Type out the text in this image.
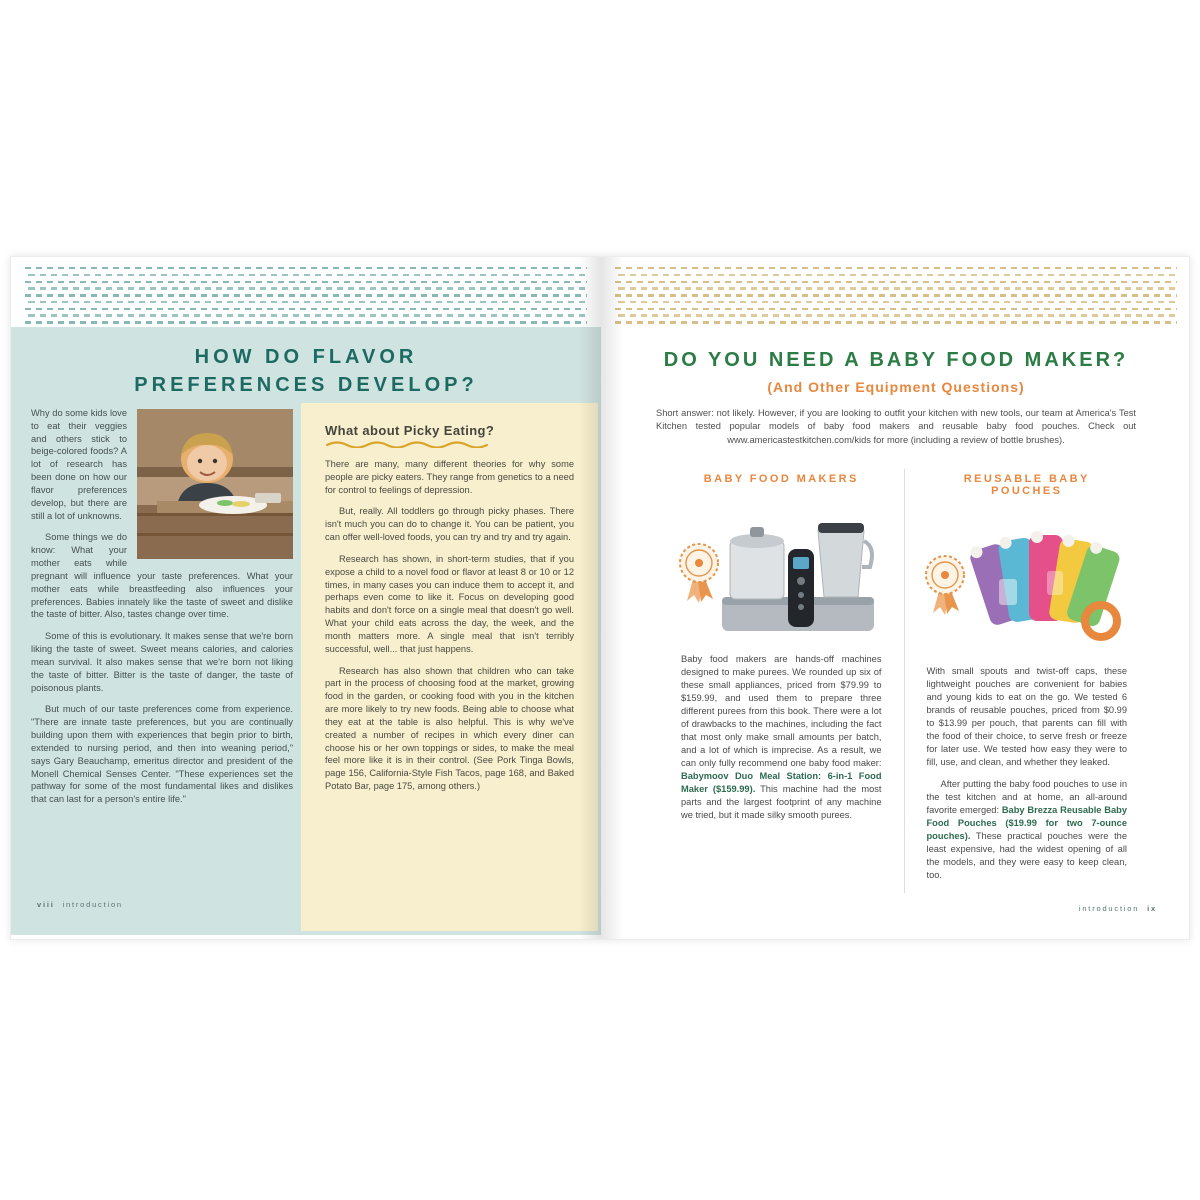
HOW DO FLAVOR
PREFERENCES DEVELOP?

Why do some kids love to eat their veggies and others stick to beige-colored foods? A lot of research has been done on how our flavor preferences develop, but there are still a lot of unknowns.

Some things we do know: What your mother eats while pregnant will influence your taste preferences. What your mother eats while breastfeeding also influences your preferences. Babies innately like the taste of sweet and dislike the taste of bitter. Also, tastes change over time.

Some of this is evolutionary. It makes sense that we're born liking the taste of sweet. Sweet means calories, and calories mean survival. It also makes sense that we're born not liking the taste of bitter. Bitter is the taste of danger, the taste of poisonous plants.

But much of our taste preferences come from experience. "There are innate taste preferences, but you are continually building upon them with experiences that begin prior to birth, extended to nursing period, and then into weaning period," says Gary Beauchamp, emeritus director and president of the Monell Chemical Senses Center. "These experiences set the pathway for some of the most fundamental likes and dislikes that can last for a person's entire life."

What about Picky Eating?

There are many, many different theories for why some people are picky eaters. They range from genetics to a need for control to feelings of depression.

But, really. All toddlers go through picky phases. There isn't much you can do to change it. You can be patient, you can offer well-loved foods, you can try and try and try again.

Research has shown, in short-term studies, that if you expose a child to a novel food or flavor at least 8 or 10 or 12 times, in many cases you can induce them to accept it, and perhaps even come to like it. Focus on developing good habits and don't force on a single meal that doesn't go well. What your child eats across the day, the week, and the month matters more. A single meal that isn't terribly successful, well... that just happens.

Research has also shown that children who can take part in the process of choosing food at the market, growing food in the garden, or cooking food with you in the kitchen are more likely to try new foods. Being able to choose what they eat at the table is also helpful. This is why we've created a number of recipes in which every diner can choose his or her own toppings or sides, to make the meal feel more like it is in their control. (See Pork Tinga Bowls, page 156, California-Style Fish Tacos, page 168, and Baked Potato Bar, page 175, among others.)

viii introduction
DO YOU NEED A BABY FOOD MAKER?
(And Other Equipment Questions)

Short answer: not likely. However, if you are looking to outfit your kitchen with new tools, our team at America's Test Kitchen tested popular models of baby food makers and reusable baby food pouches. Check out www.americastestkitchen.com/kids for more (including a review of bottle brushes).

BABY FOOD MAKERS

Baby food makers are hands-off machines designed to make purees. We rounded up six of these small appliances, priced from $79.99 to $159.99, and used them to prepare three different purees from this book. There were a lot of drawbacks to the machines, including the fact that most only make small amounts per batch, and a lot of which is imprecise. As a result, we can only fully recommend one baby food maker: Babymoov Duo Meal Station: 6-in-1 Food Maker ($159.99). This machine had the most parts and the largest footprint of any machine we tried, but it made silky smooth purees.

REUSABLE BABY POUCHES

With small spouts and twist-off caps, these lightweight pouches are convenient for babies and young kids to eat on the go. We tested 6 brands of reusable pouches, priced from $0.99 to $13.99 per pouch, that parents can fill with the food of their choice, to serve fresh or freeze for later use. We tested how easy they were to fill, use, and clean, and whether they leaked.

After putting the baby food pouches to use in the test kitchen and at home, an all-around favorite emerged: Baby Brezza Reusable Baby Food Pouches ($19.99 for two 7-ounce pouches). These practical pouches were the least expensive, had the widest opening of all the models, and they were easy to keep clean, too.

introduction ix
